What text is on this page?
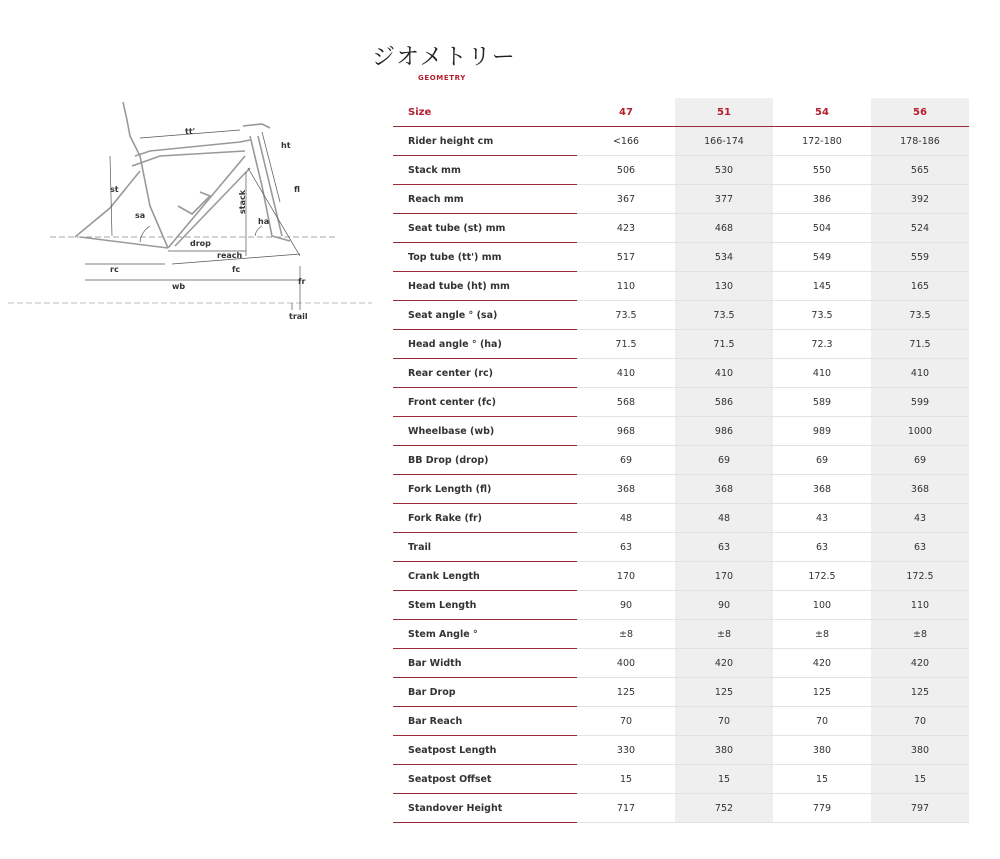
ジオメトリー
GEOMETRY
tt'
ht
st	fl
stack
sa
ha
drop
reach
rc	fc
wb
fr
trail
Size	47	51	54	56
Rider height cm	<166	166-174	172-180	178-186
Stack mm	506	530	550	565
Reach mm	367	377	386	392
Seat tube (st) mm	423	468	504	524
Top tube (tt') mm	517	534	549	559
Head tube (ht) mm	110	130	145	165
Seat angle ° (sa)	73.5	73.5	73.5	73.5
Head angle ° (ha)	71.5	71.5	72.3	71.5
Rear center (rc)	410	410	410	410
Front center (fc)	568	586	589	599
Wheelbase (wb)	968	986	989	1000
BB Drop (drop)	69	69	69	69
Fork Length (fl)	368	368	368	368
Fork Rake (fr)	48	48	43	43
Trail	63	63	63	63
Crank Length	170	170	172.5	172.5
Stem Length	90	90	100	110
Stem Angle °	±8	±8	±8	±8
Bar Width	400	420	420	420
Bar Drop	125	125	125	125
Bar Reach	70	70	70	70
Seatpost Length	330	380	380	380
Seatpost Offset	15	15	15	15
Standover Height	717	752	779	797
